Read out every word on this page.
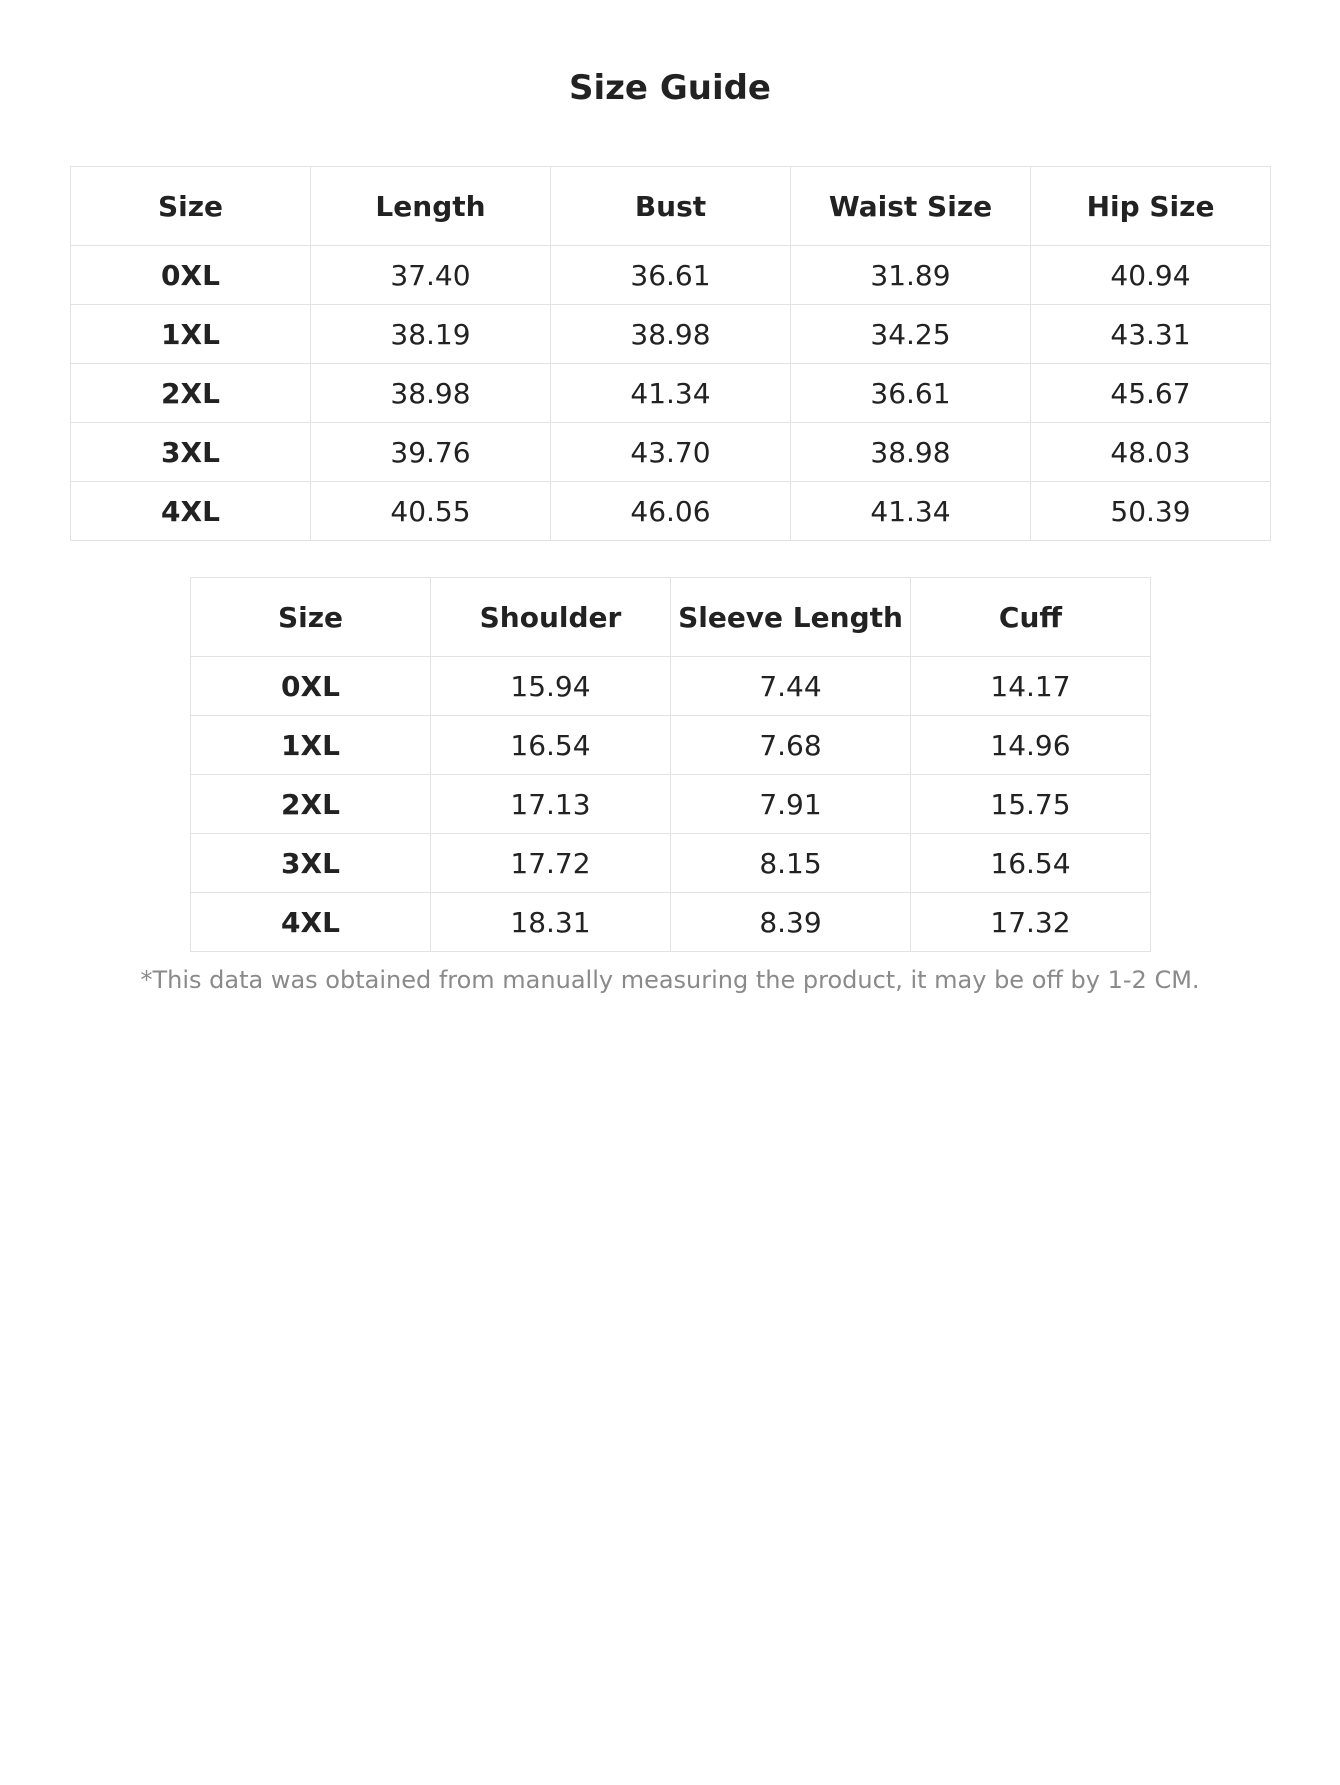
Size Guide
Size	Length	Bust	Waist Size	Hip Size
0XL	37.40	36.61	31.89	40.94
1XL	38.19	38.98	34.25	43.31
2XL	38.98	41.34	36.61	45.67
3XL	39.76	43.70	38.98	48.03
4XL	40.55	46.06	41.34	50.39
Size	Shoulder	Sleeve Length	Cuff
0XL	15.94	7.44	14.17
1XL	16.54	7.68	14.96
2XL	17.13	7.91	15.75
3XL	17.72	8.15	16.54
4XL	18.31	8.39	17.32

*This data was obtained from manually measuring the product, it may be off by 1-2 CM.
